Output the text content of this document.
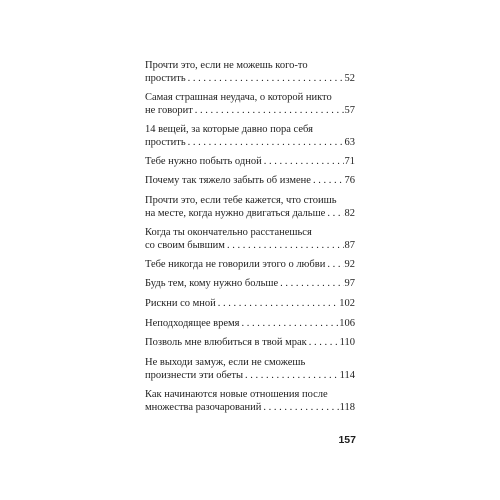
Прочти это, если не можешь кого-то
простить . . .	52
Самая страшная неудача, о которой никто
не говорит . . .	57
14 вещей, за которые давно пора себя
простить . . .	63
Тебе нужно побыть одной . . .	71
Почему так тяжело забыть об измене . . .	76
Прочти это, если тебе кажется, что стоишь
на месте, когда нужно двигаться дальше . . . 82
Когда ты окончательно расстанешься
со своим бывшим . . .	87
Тебе никогда не говорили этого о любви . . . 92
Будь тем, кому нужно больше . . .	97
Рискни со мной . . .	102
Неподходящее время . . .	106
Позволь мне влюбиться в твой мрак . . .	110
Не выходи замуж, если не сможешь
произнести эти обеты . . .	114
Как начинаются новые отношения после
множества разочарований . . .	118
157
